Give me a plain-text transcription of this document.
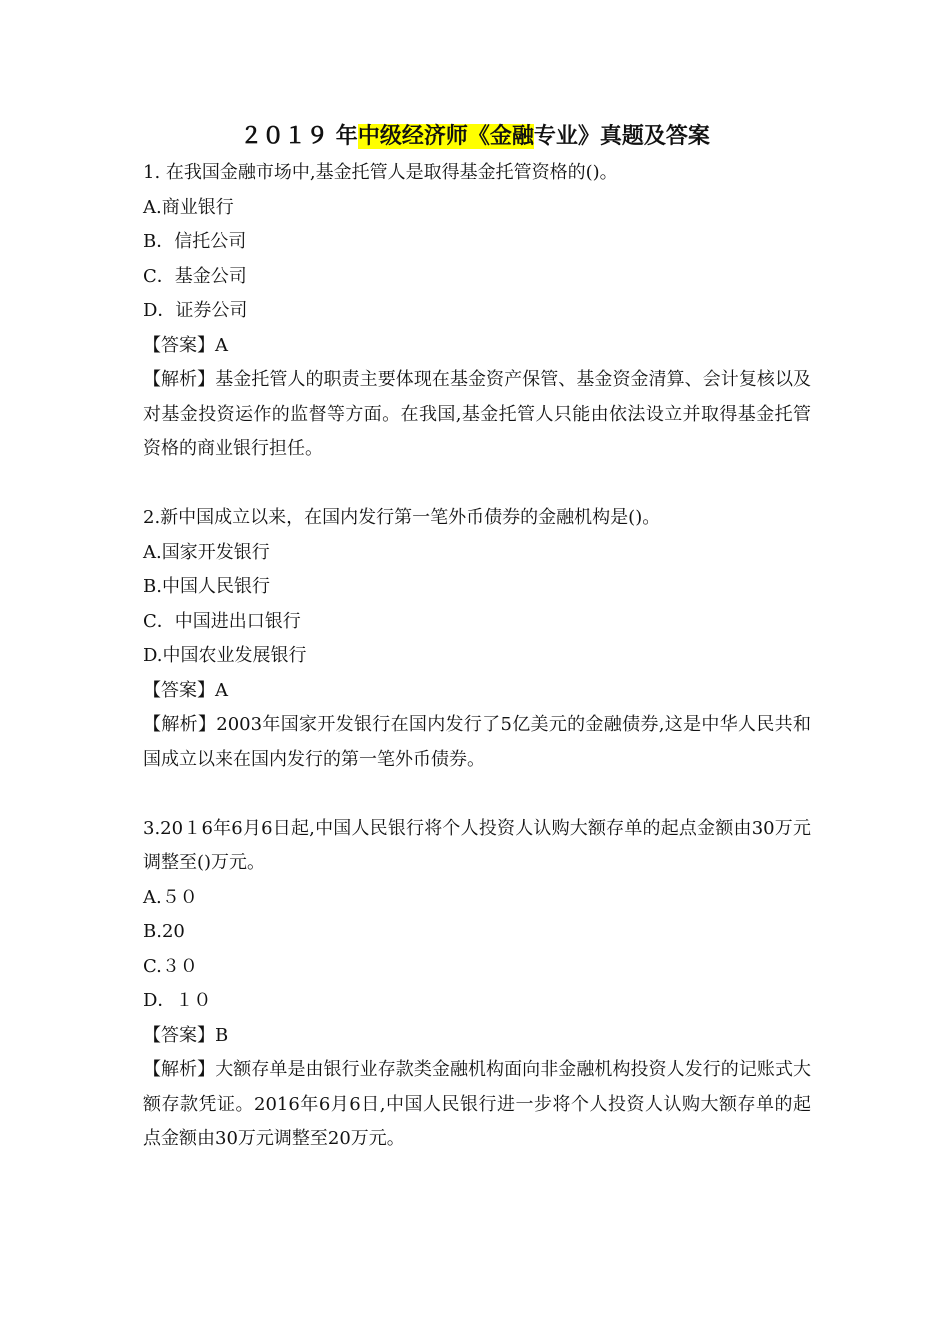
２０１９ 年中级经济师《金融专业》真题及答案
1. 在我国金融市场中,基金托管人是取得基金托管资格的()。
A.商业银行
B．信托公司
C．基金公司
D．证券公司
【答案】A
【解析】基金托管人的职责主要体现在基金资产保管、基金资金清算、会计复核以及对基金投资运作的监督等方面。在我国,基金托管人只能由依法设立并取得基金托管资格的商业银行担任。
2.新中国成立以来，在国内发行第一笔外币债券的金融机构是()。
A.国家开发银行
B.中国人民银行
C．中国进出口银行
D.中国农业发展银行
【答案】A
【解析】2003年国家开发银行在国内发行了5亿美元的金融债券,这是中华人民共和国成立以来在国内发行的第一笔外币债券。
3.20１6年6月6日起,中国人民银行将个人投资人认购大额存单的起点金额由30万元调整至()万元。
A.５０
B.20
C.３０
D．１０
【答案】B
【解析】大额存单是由银行业存款类金融机构面向非金融机构投资人发行的记账式大额存款凭证。2016年6月6日,中国人民银行进一步将个人投资人认购大额存单的起点金额由30万元调整至20万元。
